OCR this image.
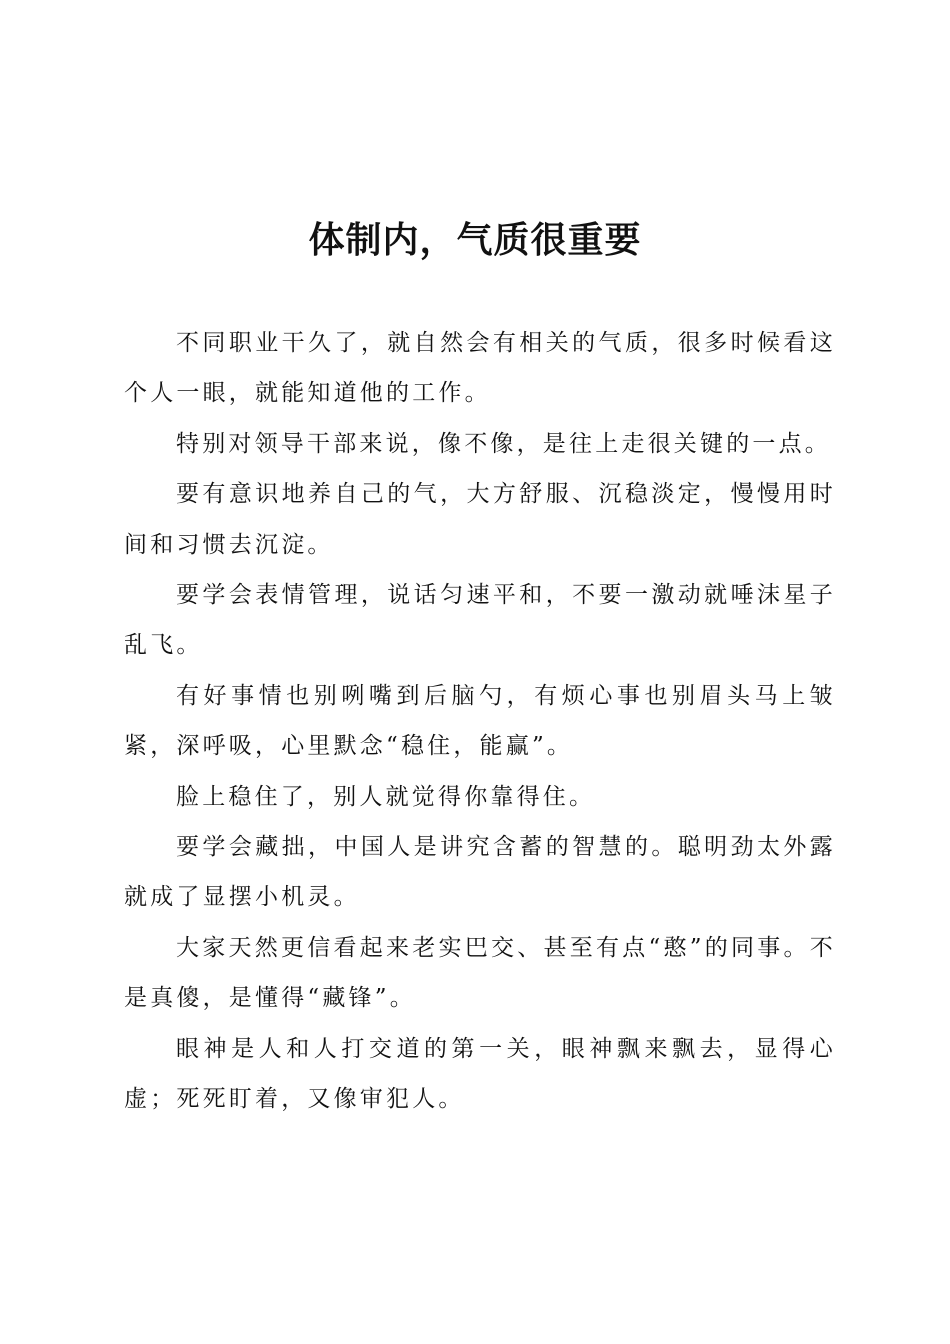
体制内，气质很重要

不同职业干久了，就自然会有相关的气质，很多时候看这个人一眼，就能知道他的工作。

特别对领导干部来说，像不像，是往上走很关键的一点。

要有意识地养自己的气，大方舒服、沉稳淡定，慢慢用时间和习惯去沉淀。

要学会表情管理，说话匀速平和，不要一激动就唾沫星子乱飞。

有好事情也别咧嘴到后脑勺，有烦心事也别眉头马上皱紧，深呼吸，心里默念“稳住，能赢”。

脸上稳住了，别人就觉得你靠得住。

要学会藏拙，中国人是讲究含蓄的智慧的。聪明劲太外露就成了显摆小机灵。

大家天然更信看起来老实巴交、甚至有点“憨”的同事。不是真傻，是懂得“藏锋”。

眼神是人和人打交道的第一关，眼神飘来飘去，显得心虚；死死盯着，又像审犯人。
